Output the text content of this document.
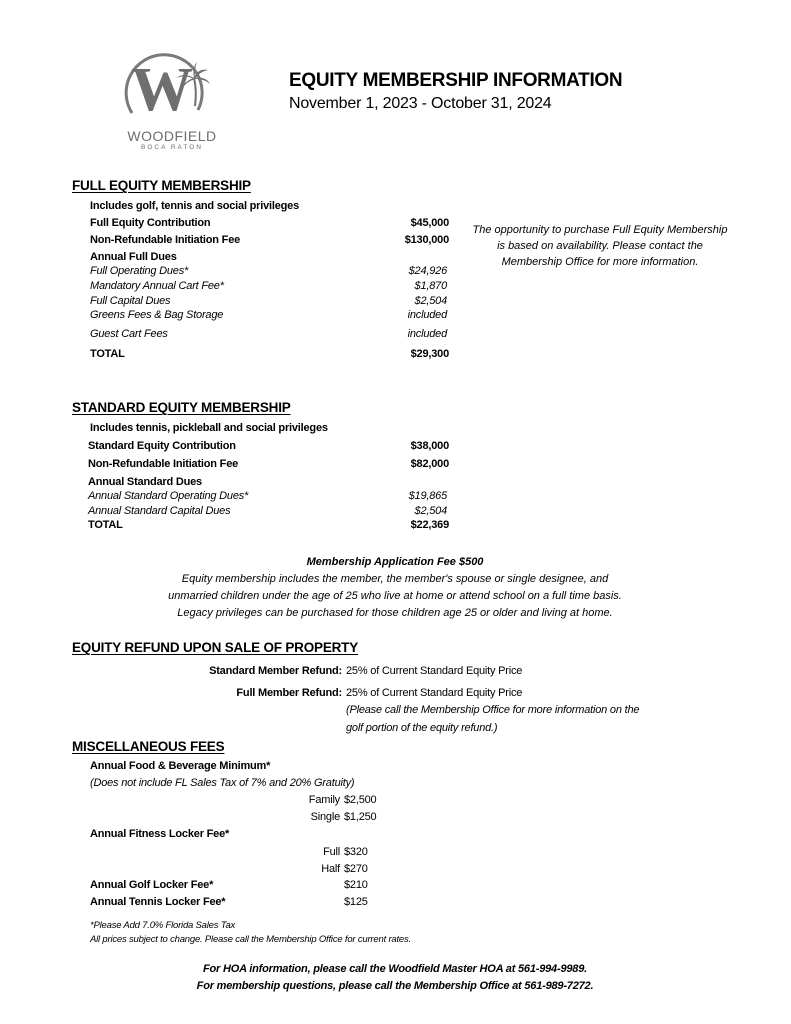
W
WOODFIELD
BOCA RATON
EQUITY MEMBERSHIP INFORMATION
November 1, 2023 - October 31, 2024
FULL EQUITY MEMBERSHIP
Includes golf, tennis and social privileges
Full Equity Contribution	$45,000
Non-Refundable Initiation Fee	$130,000
Annual Full Dues
Full Operating Dues*	$24,926
Mandatory Annual Cart Fee*	$1,870
Full Capital Dues	$2,504
Greens Fees & Bag Storage	included
Guest Cart Fees	included
TOTAL	$29,300
The opportunity to purchase Full Equity Membership is based on availability. Please contact the Membership Office for more information.
STANDARD EQUITY MEMBERSHIP
Includes tennis, pickleball and social privileges
Standard Equity Contribution	$38,000
Non-Refundable Initiation Fee	$82,000
Annual Standard Dues
Annual Standard Operating Dues*	$19,865
Annual Standard Capital Dues	$2,504
TOTAL	$22,369
Membership Application Fee $500
Equity membership includes the member, the member's spouse or single designee, and
unmarried children under the age of 25 who live at home or attend school on a full time basis.
Legacy privileges can be purchased for those children age 25 or older and living at home.
EQUITY REFUND UPON SALE OF PROPERTY
Standard Member Refund: 25% of Current Standard Equity Price
Full Member Refund: 25% of Current Standard Equity Price
(Please call the Membership Office for more information on the
golf portion of the equity refund.)
MISCELLANEOUS FEES
Annual Food & Beverage Minimum*
(Does not include FL Sales Tax of 7% and 20% Gratuity)
Family $2,500
Single $1,250
Annual Fitness Locker Fee*
Full $320
Half $270
Annual Golf Locker Fee*	$210
Annual Tennis Locker Fee*	$125
*Please Add 7.0% Florida Sales Tax
All prices subject to change. Please call the Membership Office for current rates.
For HOA information, please call the Woodfield Master HOA at 561-994-9989.
For membership questions, please call the Membership Office at 561-989-7272.
